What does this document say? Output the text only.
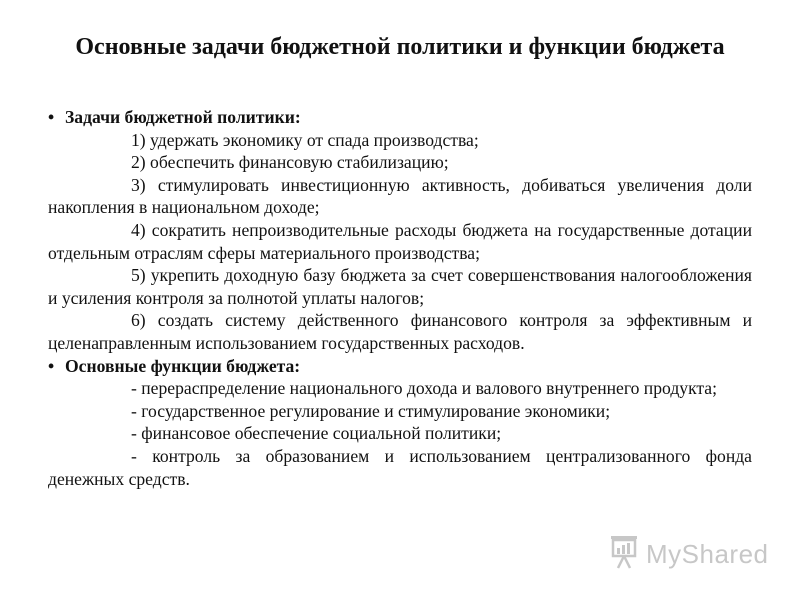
Основные задачи бюджетной политики и функции бюджета
• Задачи бюджетной политики:
1) удержать экономику от спада производства;
2) обеспечить финансовую стабилизацию;
3) стимулировать инвестиционную активность, добиваться увеличения доли накопления в национальном доходе;
4) сократить непроизводительные расходы бюджета на государственные дотации отдельным отраслям сферы материального производства;
5) укрепить доходную базу бюджета за счет совершенствования налогообложения и усиления контроля за полнотой уплаты налогов;
6) создать систему действенного финансового контроля за эффективным и целенаправленным использованием государственных расходов.
• Основные функции бюджета:
- перераспределение национального дохода и валового внутреннего продукта;
- государственное регулирование и стимулирование экономики;
- финансовое обеспечение социальной политики;
- контроль за образованием и использованием централизованного фонда денежных средств.
MyShared
